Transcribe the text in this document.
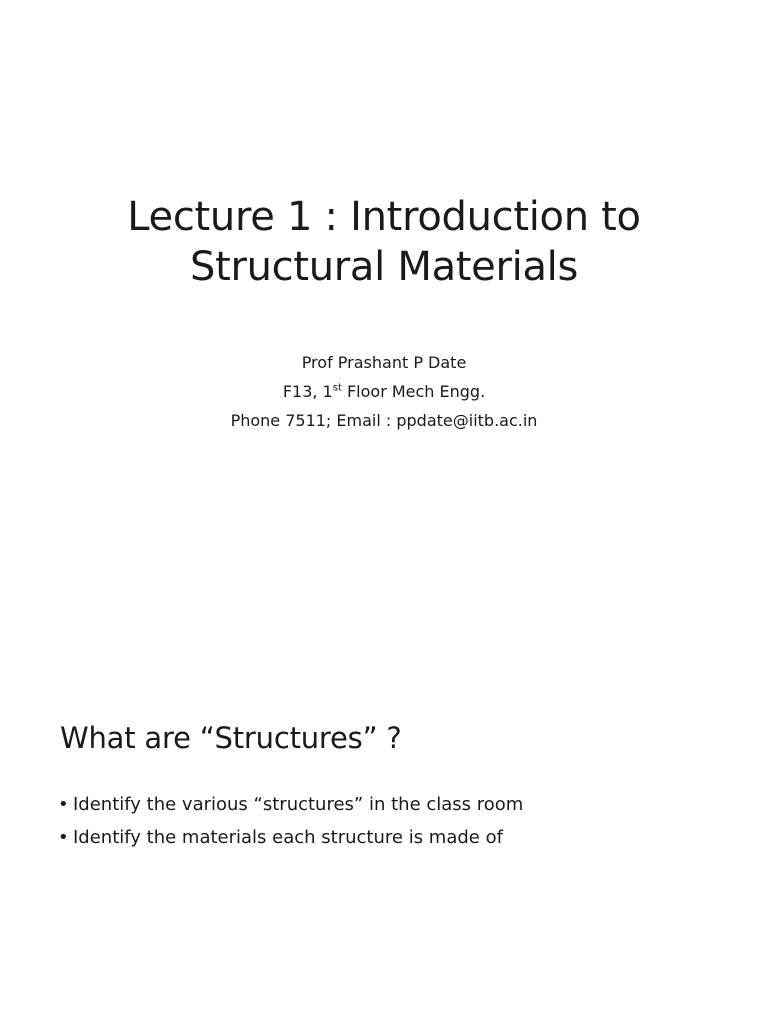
Lecture 1 : Introduction to
Structural Materials
Prof Prashant P Date
F13, 1st Floor Mech Engg.
Phone 7511; Email : ppdate@iitb.ac.in
What are “Structures” ?
• Identify the various “structures” in the class room
• Identify the materials each structure is made of
